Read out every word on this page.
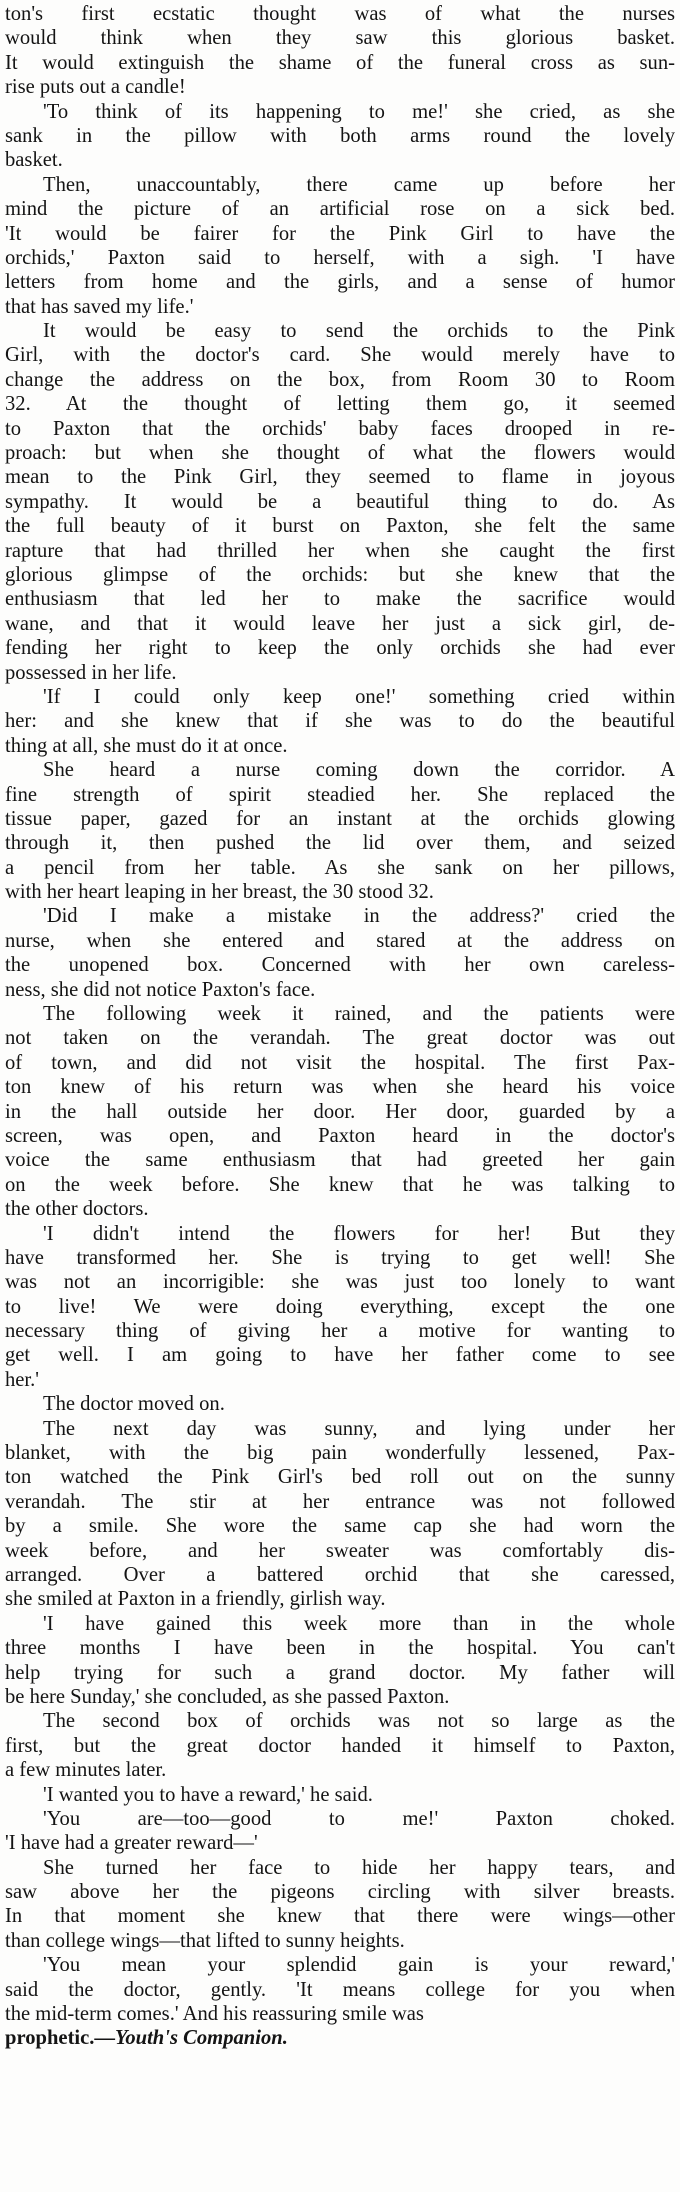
ton's first ecstatic thought was of what the nurses
would think when they saw this glorious basket.
It would extinguish the shame of the funeral cross as sun-
rise puts out a candle!
'To think of its happening to me!' she cried, as she
sank in the pillow with both arms round the lovely
basket.
Then, unaccountably, there came up before her
mind the picture of an artificial rose on a sick bed.
'It would be fairer for the Pink Girl to have the
orchids,' Paxton said to herself, with a sigh. 'I have
letters from home and the girls, and a sense of humor
that has saved my life.'
It would be easy to send the orchids to the Pink
Girl, with the doctor's card. She would merely have to
change the address on the box, from Room 30 to Room
32. At the thought of letting them go, it seemed
to Paxton that the orchids' baby faces drooped in re-
proach: but when she thought of what the flowers would
mean to the Pink Girl, they seemed to flame in joyous
sympathy. It would be a beautiful thing to do. As
the full beauty of it burst on Paxton, she felt the same
rapture that had thrilled her when she caught the first
glorious glimpse of the orchids: but she knew that the
enthusiasm that led her to make the sacrifice would
wane, and that it would leave her just a sick girl, de-
fending her right to keep the only orchids she had ever
possessed in her life.
'If I could only keep one!' something cried within
her: and she knew that if she was to do the beautiful
thing at all, she must do it at once.
She heard a nurse coming down the corridor. A
fine strength of spirit steadied her. She replaced the
tissue paper, gazed for an instant at the orchids glowing
through it, then pushed the lid over them, and seized
a pencil from her table. As she sank on her pillows,
with her heart leaping in her breast, the 30 stood 32.
'Did I make a mistake in the address?' cried the
nurse, when she entered and stared at the address on
the unopened box. Concerned with her own careless-
ness, she did not notice Paxton's face.
The following week it rained, and the patients were
not taken on the verandah. The great doctor was out
of town, and did not visit the hospital. The first Pax-
ton knew of his return was when she heard his voice
in the hall outside her door. Her door, guarded by a
screen, was open, and Paxton heard in the doctor's
voice the same enthusiasm that had greeted her gain
on the week before. She knew that he was talking to
the other doctors.
'I didn't intend the flowers for her! But they
have transformed her. She is trying to get well! She
was not an incorrigible: she was just too lonely to want
to live! We were doing everything, except the one
necessary thing of giving her a motive for wanting to
get well. I am going to have her father come to see
her.'
The doctor moved on.
The next day was sunny, and lying under her
blanket, with the big pain wonderfully lessened, Pax-
ton watched the Pink Girl's bed roll out on the sunny
verandah. The stir at her entrance was not followed
by a smile. She wore the same cap she had worn the
week before, and her sweater was comfortably dis-
arranged. Over a battered orchid that she caressed,
she smiled at Paxton in a friendly, girlish way.
'I have gained this week more than in the whole
three months I have been in the hospital. You can't
help trying for such a grand doctor. My father will
be here Sunday,' she concluded, as she passed Paxton.
The second box of orchids was not so large as the
first, but the great doctor handed it himself to Paxton,
a few minutes later.
'I wanted you to have a reward,' he said.
'You are—too—good to me!' Paxton choked.
'I have had a greater reward—'
She turned her face to hide her happy tears, and
saw above her the pigeons circling with silver breasts.
In that moment she knew that there were wings—other
than college wings—that lifted to sunny heights.
'You mean your splendid gain is your reward,'
said the doctor, gently. 'It means college for you when
the mid-term comes.' And his reassuring smile was
prophetic.—Youth's Companion.
